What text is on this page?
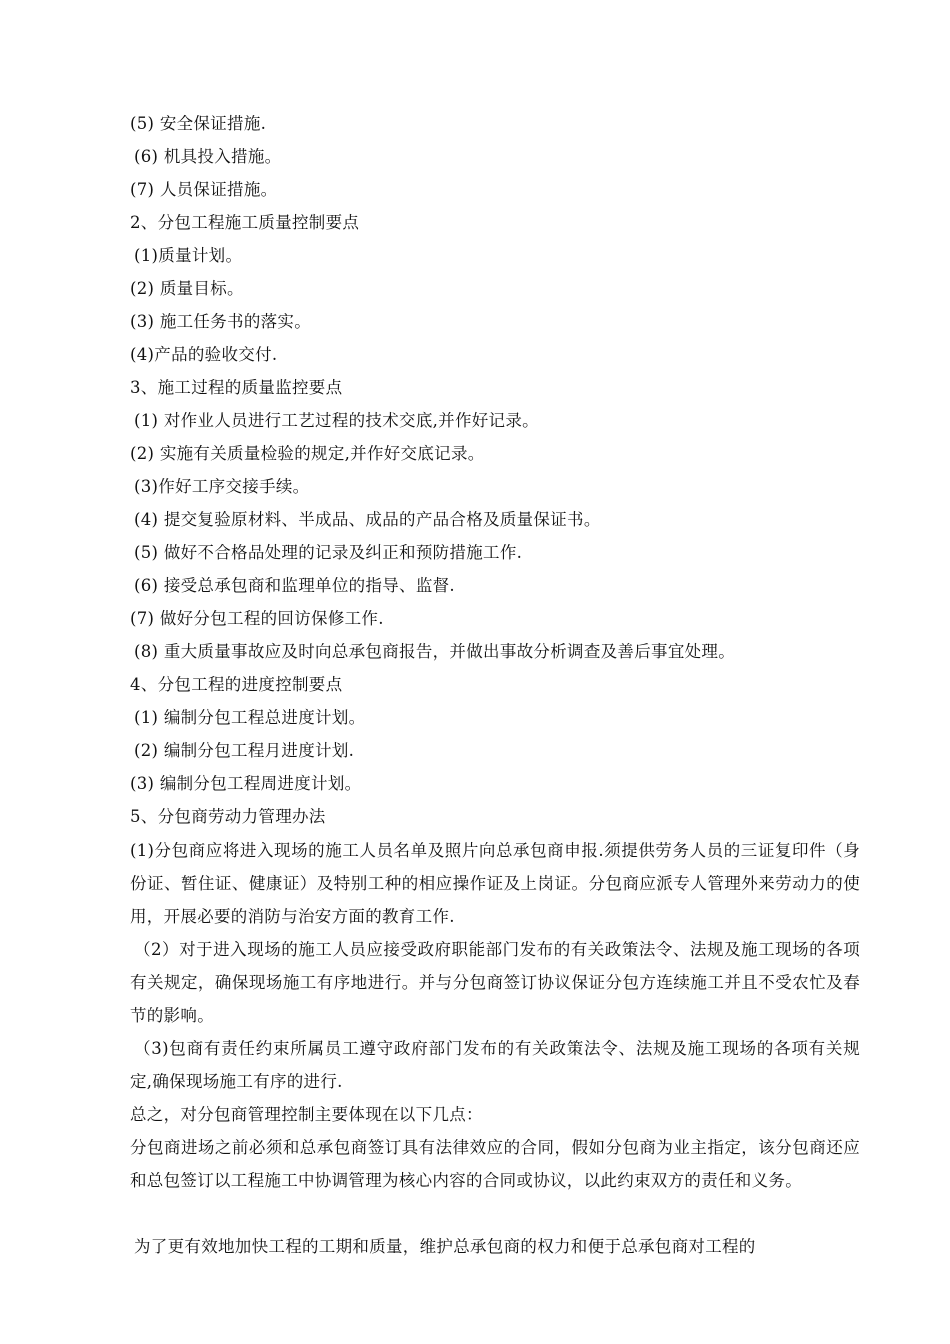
(5) 安全保证措施.
(6) 机具投入措施。
(7) 人员保证措施。
2、分包工程施工质量控制要点
(1)质量计划。
(2) 质量目标。
(3) 施工任务书的落实。
(4)产品的验收交付.
3、施工过程的质量监控要点
(1) 对作业人员进行工艺过程的技术交底,并作好记录。
(2) 实施有关质量检验的规定,并作好交底记录。
(3)作好工序交接手续。
(4) 提交复验原材料、半成品、成品的产品合格及质量保证书。
(5) 做好不合格品处理的记录及纠正和预防措施工作.
(6) 接受总承包商和监理单位的指导、监督.
(7) 做好分包工程的回访保修工作.
(8) 重大质量事故应及时向总承包商报告，并做出事故分析调查及善后事宜处理。
4、分包工程的进度控制要点
(1) 编制分包工程总进度计划。
(2) 编制分包工程月进度计划.
(3) 编制分包工程周进度计划。
5、分包商劳动力管理办法
(1)分包商应将进入现场的施工人员名单及照片向总承包商申报.须提供劳务人员的三证复印件（身份证、暂住证、健康证）及特别工种的相应操作证及上岗证。分包商应派专人管理外来劳动力的使用，开展必要的消防与治安方面的教育工作.
（2）对于进入现场的施工人员应接受政府职能部门发布的有关政策法令、法规及施工现场的各项有关规定，确保现场施工有序地进行。并与分包商签订协议保证分包方连续施工并且不受农忙及春节的影响。
（3)包商有责任约束所属员工遵守政府部门发布的有关政策法令、法规及施工现场的各项有关规定,确保现场施工有序的进行.
总之，对分包商管理控制主要体现在以下几点：
分包商进场之前必须和总承包商签订具有法律效应的合同，假如分包商为业主指定，该分包商还应和总包签订以工程施工中协调管理为核心内容的合同或协议，以此约束双方的责任和义务。
为了更有效地加快工程的工期和质量，维护总承包商的权力和便于总承包商对工程的
